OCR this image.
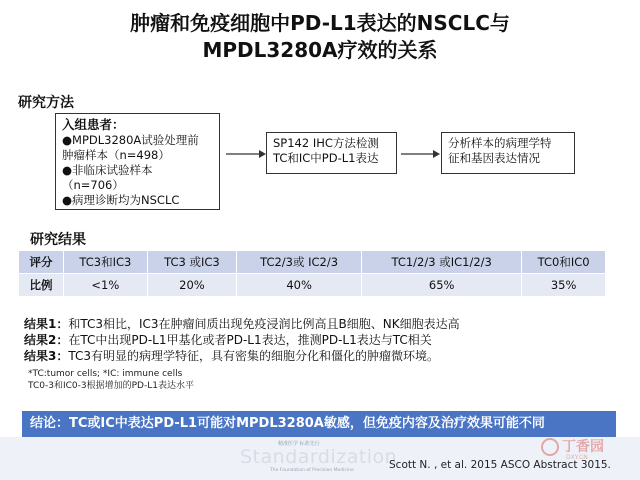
肿瘤和免疫细胞中PD-L1表达的NSCLC与
MPDL3280A疗效的关系
研究方法
入组患者：
●MPDL3280A试验处理前
肿瘤样本（n=498）
●非临床试验样本
（n=706）
●病理诊断均为NSCLC
SP142 IHC方法检测
TC和IC中PD-L1表达
分析样本的病理学特
征和基因表达情况
研究结果
评分	TC3和IC3	TC3 或IC3	TC2/3或 IC2/3	TC1/2/3 或IC1/2/3	TC0和IC0
比例	<1%	20%	40%	65%	35%
结果1：和TC3相比，IC3在肿瘤间质出现免疫浸润比例高且B细胞、NK细胞表达高
结果2：在TC中出现PD-L1甲基化或者PD-L1表达，推测PD-L1表达与TC相关
结果3：TC3有明显的病理学特征，具有密集的细胞分化和僵化的肿瘤微环境。
*TC:tumor cells; *IC: immune cells
TC0-3和IC0-3根据增加的PD-L1表达水平
结论：TC或IC中表达PD-L1可能对MPDL3280A敏感，但免疫内容及治疗效果可能不同
精准医学 标准先行
Standardization
The Foundation of Precision Medicine	Scott N. , et al. 2015 ASCO Abstract 3015.
丁香园
DXY.CN
